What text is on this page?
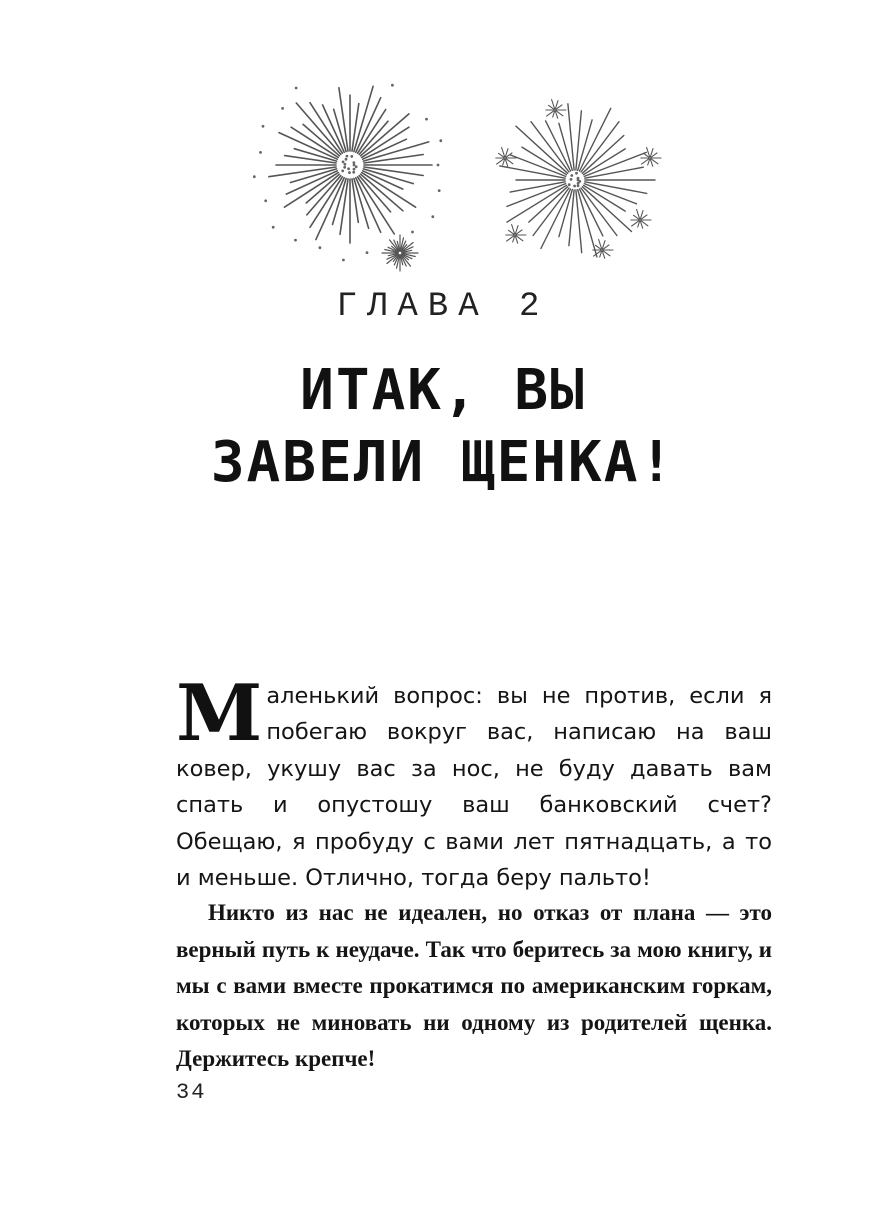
ГЛАВА 2
ИТАК, ВЫ
ЗАВЕЛИ ЩЕНКА!

Маленький вопрос: вы не против, если я побегаю вокруг вас, написаю на ваш ковер, укушу вас за нос, не буду давать вам спать и опустошу ваш банковский счет? Обещаю, я пробуду с вами лет пятнадцать, а то и меньше. Отлично, тогда беру пальто!

Никто из нас не идеален, но отказ от плана — это верный путь к неудаче. Так что беритесь за мою книгу, и мы с вами вместе прокатимся по американским горкам, которых не миновать ни одному из родителей щенка. Держитесь крепче!

34
